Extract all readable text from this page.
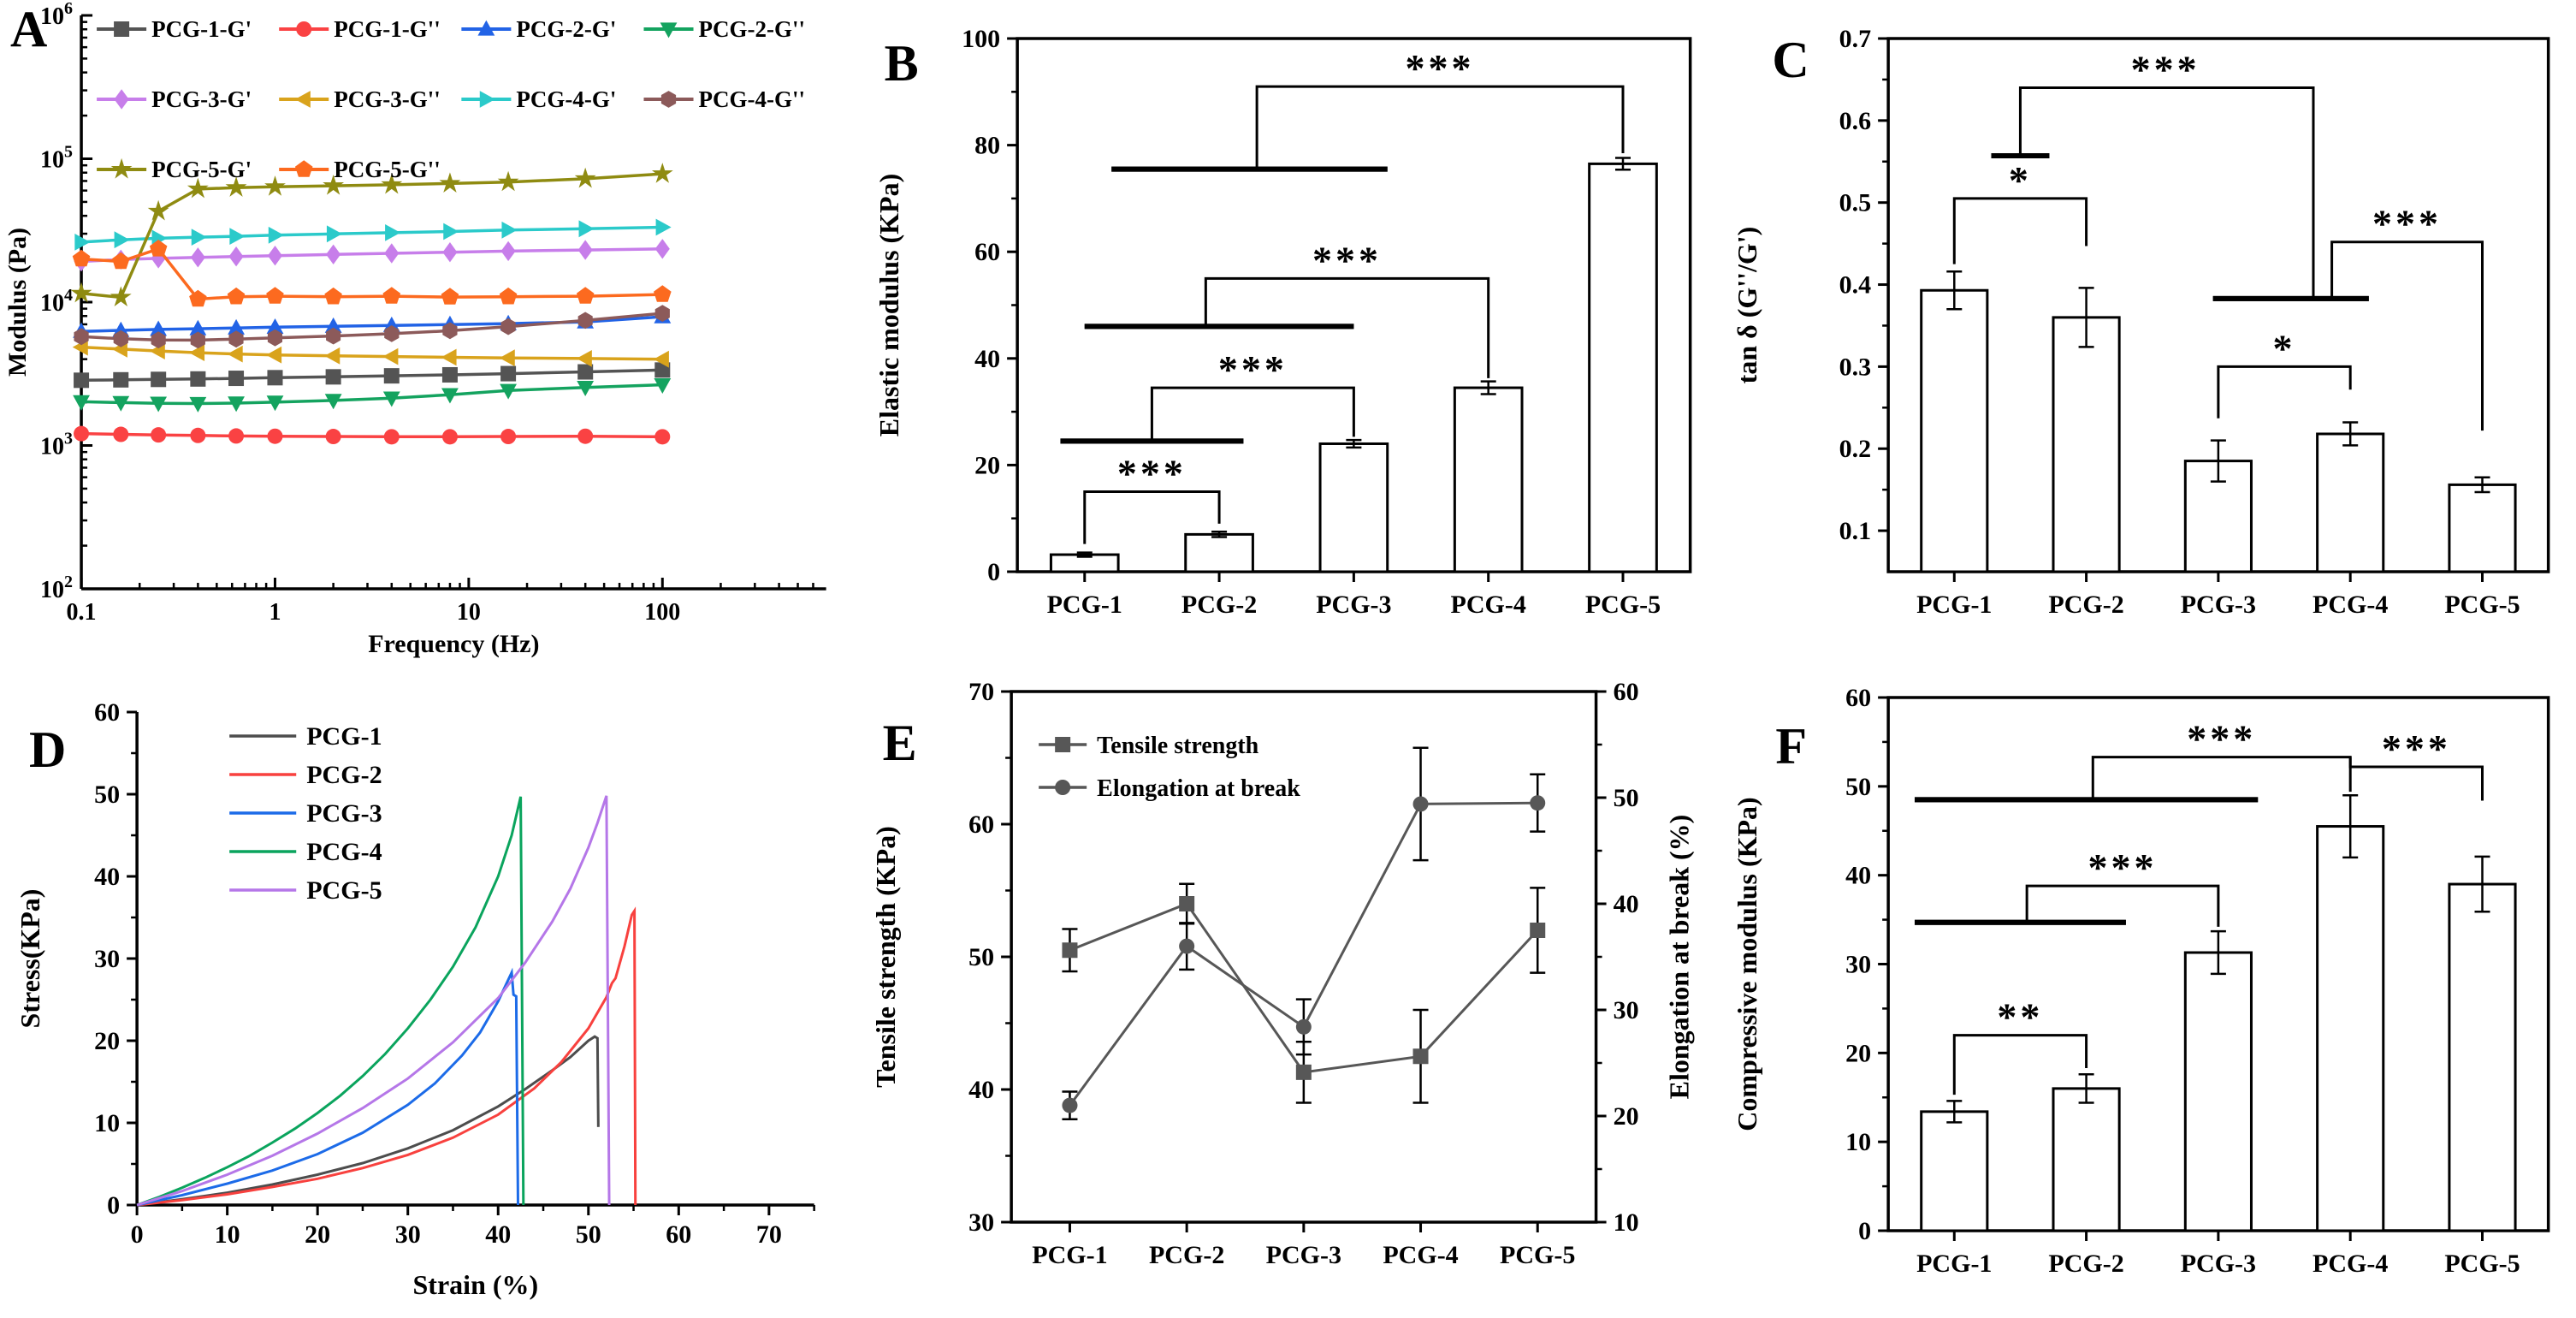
A
$10^2$
$10^3$
$10^4$
$10^5$
$10^6$
0.1	1	10	100
Frequency (Hz)
Modulus (Pa)
PCG-1-G'	PCG-1-G''	PCG-2-G'	PCG-2-G''
PCG-3-G'	PCG-3-G''	PCG-4-G'	PCG-4-G''
PCG-5-G'	PCG-5-G''
B
0
20
40
60
80
100
PCG-1 PCG-2 PCG-3 PCG-4 PCG-5
Elastic modulus (KPa)
***
***
***
***	C
0.1
0.2
0.3
0.4
0.5
0.6
0.7
PCG-1 PCG-2 PCG-3 PCG-4 PCG-5
tan δ (G''/G')
*
***
***
*
D
0
10
20
30
40
50
60
0	10	20	30	40	50	60	70
Strain (%)
Stress(KPa)
PCG-1
PCG-2
PCG-3
PCG-4
PCG-5
E
30
40
50
60
70
10
20
30
40
50
60
PCG-1 PCG-2 PCG-3 PCG-4 PCG-5
Tensile strength (KPa)	Elongation at break (%)
Tensile strength
Elongation at break
F
0
10
20
30
40
50
60
PCG-1 PCG-2 PCG-3 PCG-4 PCG-5
Compressive modulus (KPa)	**
***
***	***
